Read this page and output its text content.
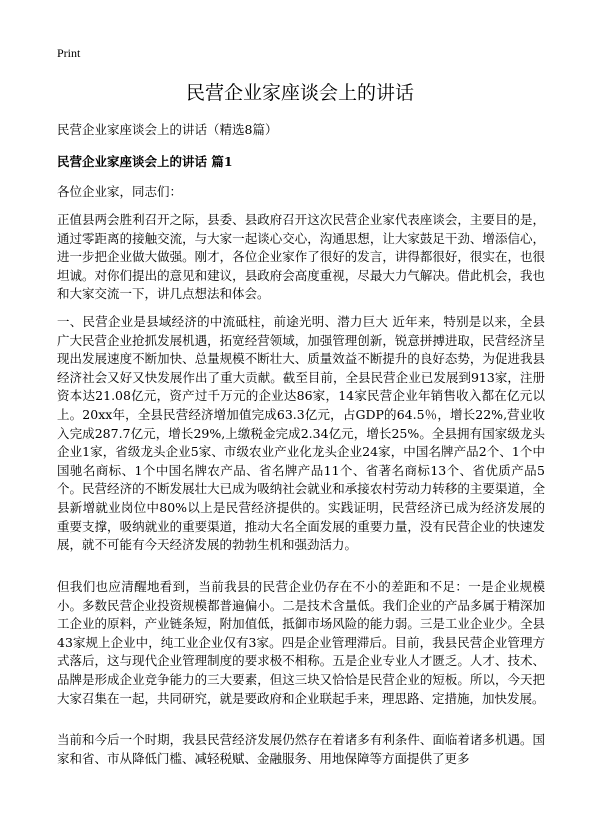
Print
民营企业家座谈会上的讲话
民营企业家座谈会上的讲话（精选8篇）
民营企业家座谈会上的讲话 篇1
各位企业家，同志们：

正值县两会胜利召开之际，县委、县政府召开这次民营企业家代表座谈会，主要目的是，通过零距离的接触交流，与大家一起谈心交心，沟通思想，让大家鼓足干劲、增添信心，进一步把企业做大做强。刚才，各位企业家作了很好的发言，讲得都很好，很实在，也很坦诚。对你们提出的意见和建议，县政府会高度重视，尽最大力气解决。借此机会，我也和大家交流一下，讲几点想法和体会。

一、民营企业是县域经济的中流砥柱，前途光明、潜力巨大 近年来，特别是以来，全县广大民营企业抢抓发展机遇，拓宽经营领域，加强管理创新，锐意拼搏进取，民营经济呈现出发展速度不断加快、总量规模不断壮大、质量效益不断提升的良好态势，为促进我县经济社会又好又快发展作出了重大贡献。截至目前，全县民营企业已发展到913家，注册资本达21.08亿元，资产过千万元的企业达86家，14家民营企业年销售收入都在亿元以上。20xx年，全县民营经济增加值完成63.3亿元，占GDP的64.5％，增长22%,营业收入完成287.7亿元，增长29%,上缴税金完成2.34亿元，增长25%。全县拥有国家级龙头企业1家，省级龙头企业5家、市级农业产业化龙头企业24家，中国名牌产品2个、1个中国驰名商标、1个中国名牌农产品、省名牌产品11个、省著名商标13个、省优质产品5个。民营经济的不断发展壮大已成为吸纳社会就业和承接农村劳动力转移的主要渠道，全县新增就业岗位中80%以上是民营经济提供的。实践证明，民营经济已成为经济发展的重要支撑，吸纳就业的重要渠道，推动大名全面发展的重要力量，没有民营企业的快速发展，就不可能有今天经济发展的勃勃生机和强劲活力。

但我们也应清醒地看到，当前我县的民营企业仍存在不小的差距和不足：一是企业规模小。多数民营企业投资规模都普遍偏小。二是技术含量低。我们企业的产品多属于精深加工企业的原料，产业链条短，附加值低，抵御市场风险的能力弱。三是工业企业少。全县43家规上企业中，纯工业企业仅有3家。四是企业管理滞后。目前，我县民营企业管理方式落后，这与现代企业管理制度的要求极不相称。五是企业专业人才匮乏。人才、技术、品牌是形成企业竞争能力的三大要素，但这三块又恰恰是民营企业的短板。所以，今天把大家召集在一起，共同研究，就是要政府和企业联起手来，理思路、定措施，加快发展。

当前和今后一个时期，我县民营经济发展仍然存在着诸多有利条件、面临着诸多机遇。国家和省、市从降低门槛、减轻税赋、金融服务、用地保障等方面提供了更多
